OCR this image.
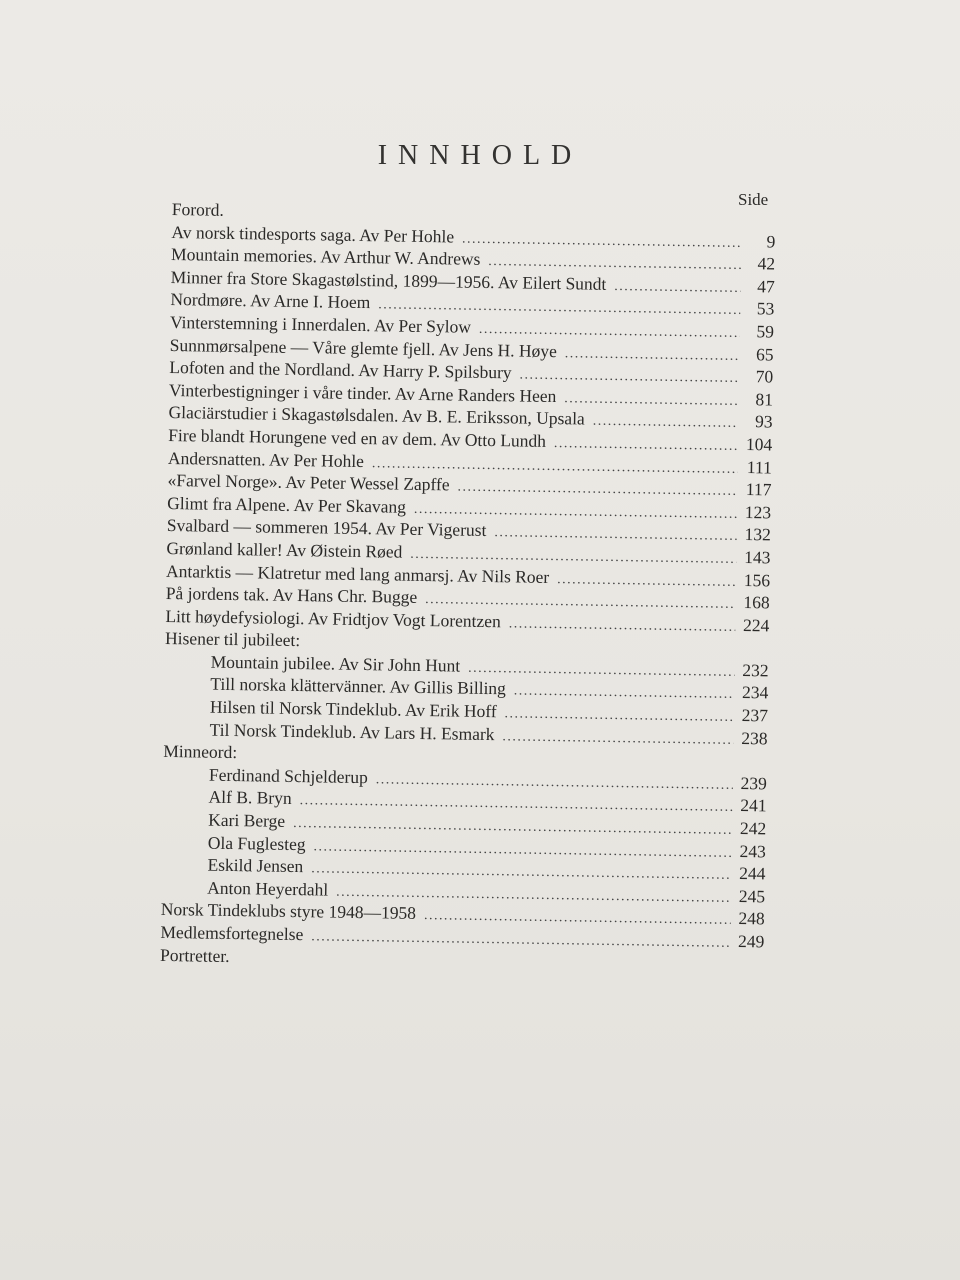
INNHOLD
Side
Forord.
Av norsk tindesports saga. Av Per Hohle . . .	9
Mountain memories. Av Arthur W. Andrews . . .	42
Minner fra Store Skagastølstind, 1899—1956. Av Eilert Sundt . . .	47
Nordmøre. Av Arne I. Hoem . . .	53
Vinterstemning i Innerdalen. Av Per Sylow . . .	59
Sunnmørsalpene — Våre glemte fjell. Av Jens H. Høye . . .	65
Lofoten and the Nordland. Av Harry P. Spilsbury . . .	70
Vinterbestigninger i våre tinder. Av Arne Randers Heen . . .	81
Glaciärstudier i Skagastølsdalen. Av B. E. Eriksson, Upsala . . .	93
Fire blandt Horungene ved en av dem. Av Otto Lundh . . .	104
Andersnatten. Av Per Hohle . . .	111
«Farvel Norge». Av Peter Wessel Zapffe . . .	117
Glimt fra Alpene. Av Per Skavang . . .	123
Svalbard — sommeren 1954. Av Per Vigerust . . .	132
Grønland kaller! Av Øistein Røed . . .	143
Antarktis — Klatretur med lang anmarsj. Av Nils Roer . . .	156
På jordens tak. Av Hans Chr. Bugge . . .	168
Litt høydefysiologi. Av Fridtjov Vogt Lorentzen . . .	224
Hisener til jubileet:
Mountain jubilee. Av Sir John Hunt . . .	232
Till norska klättervänner. Av Gillis Billing . . .	234
Hilsen til Norsk Tindeklub. Av Erik Hoff . . .	237
Til Norsk Tindeklub. Av Lars H. Esmark . . .	238
Minneord:
Ferdinand Schjelderup . . .	239
Alf B. Bryn . . .	241
Kari Berge . . .	242
Ola Fuglesteg . . .	243
Eskild Jensen . . .	244
Anton Heyerdahl . . .	245
Norsk Tindeklubs styre 1948—1958 . . .	248
Medlemsfortegnelse . . .	249
Portretter.
